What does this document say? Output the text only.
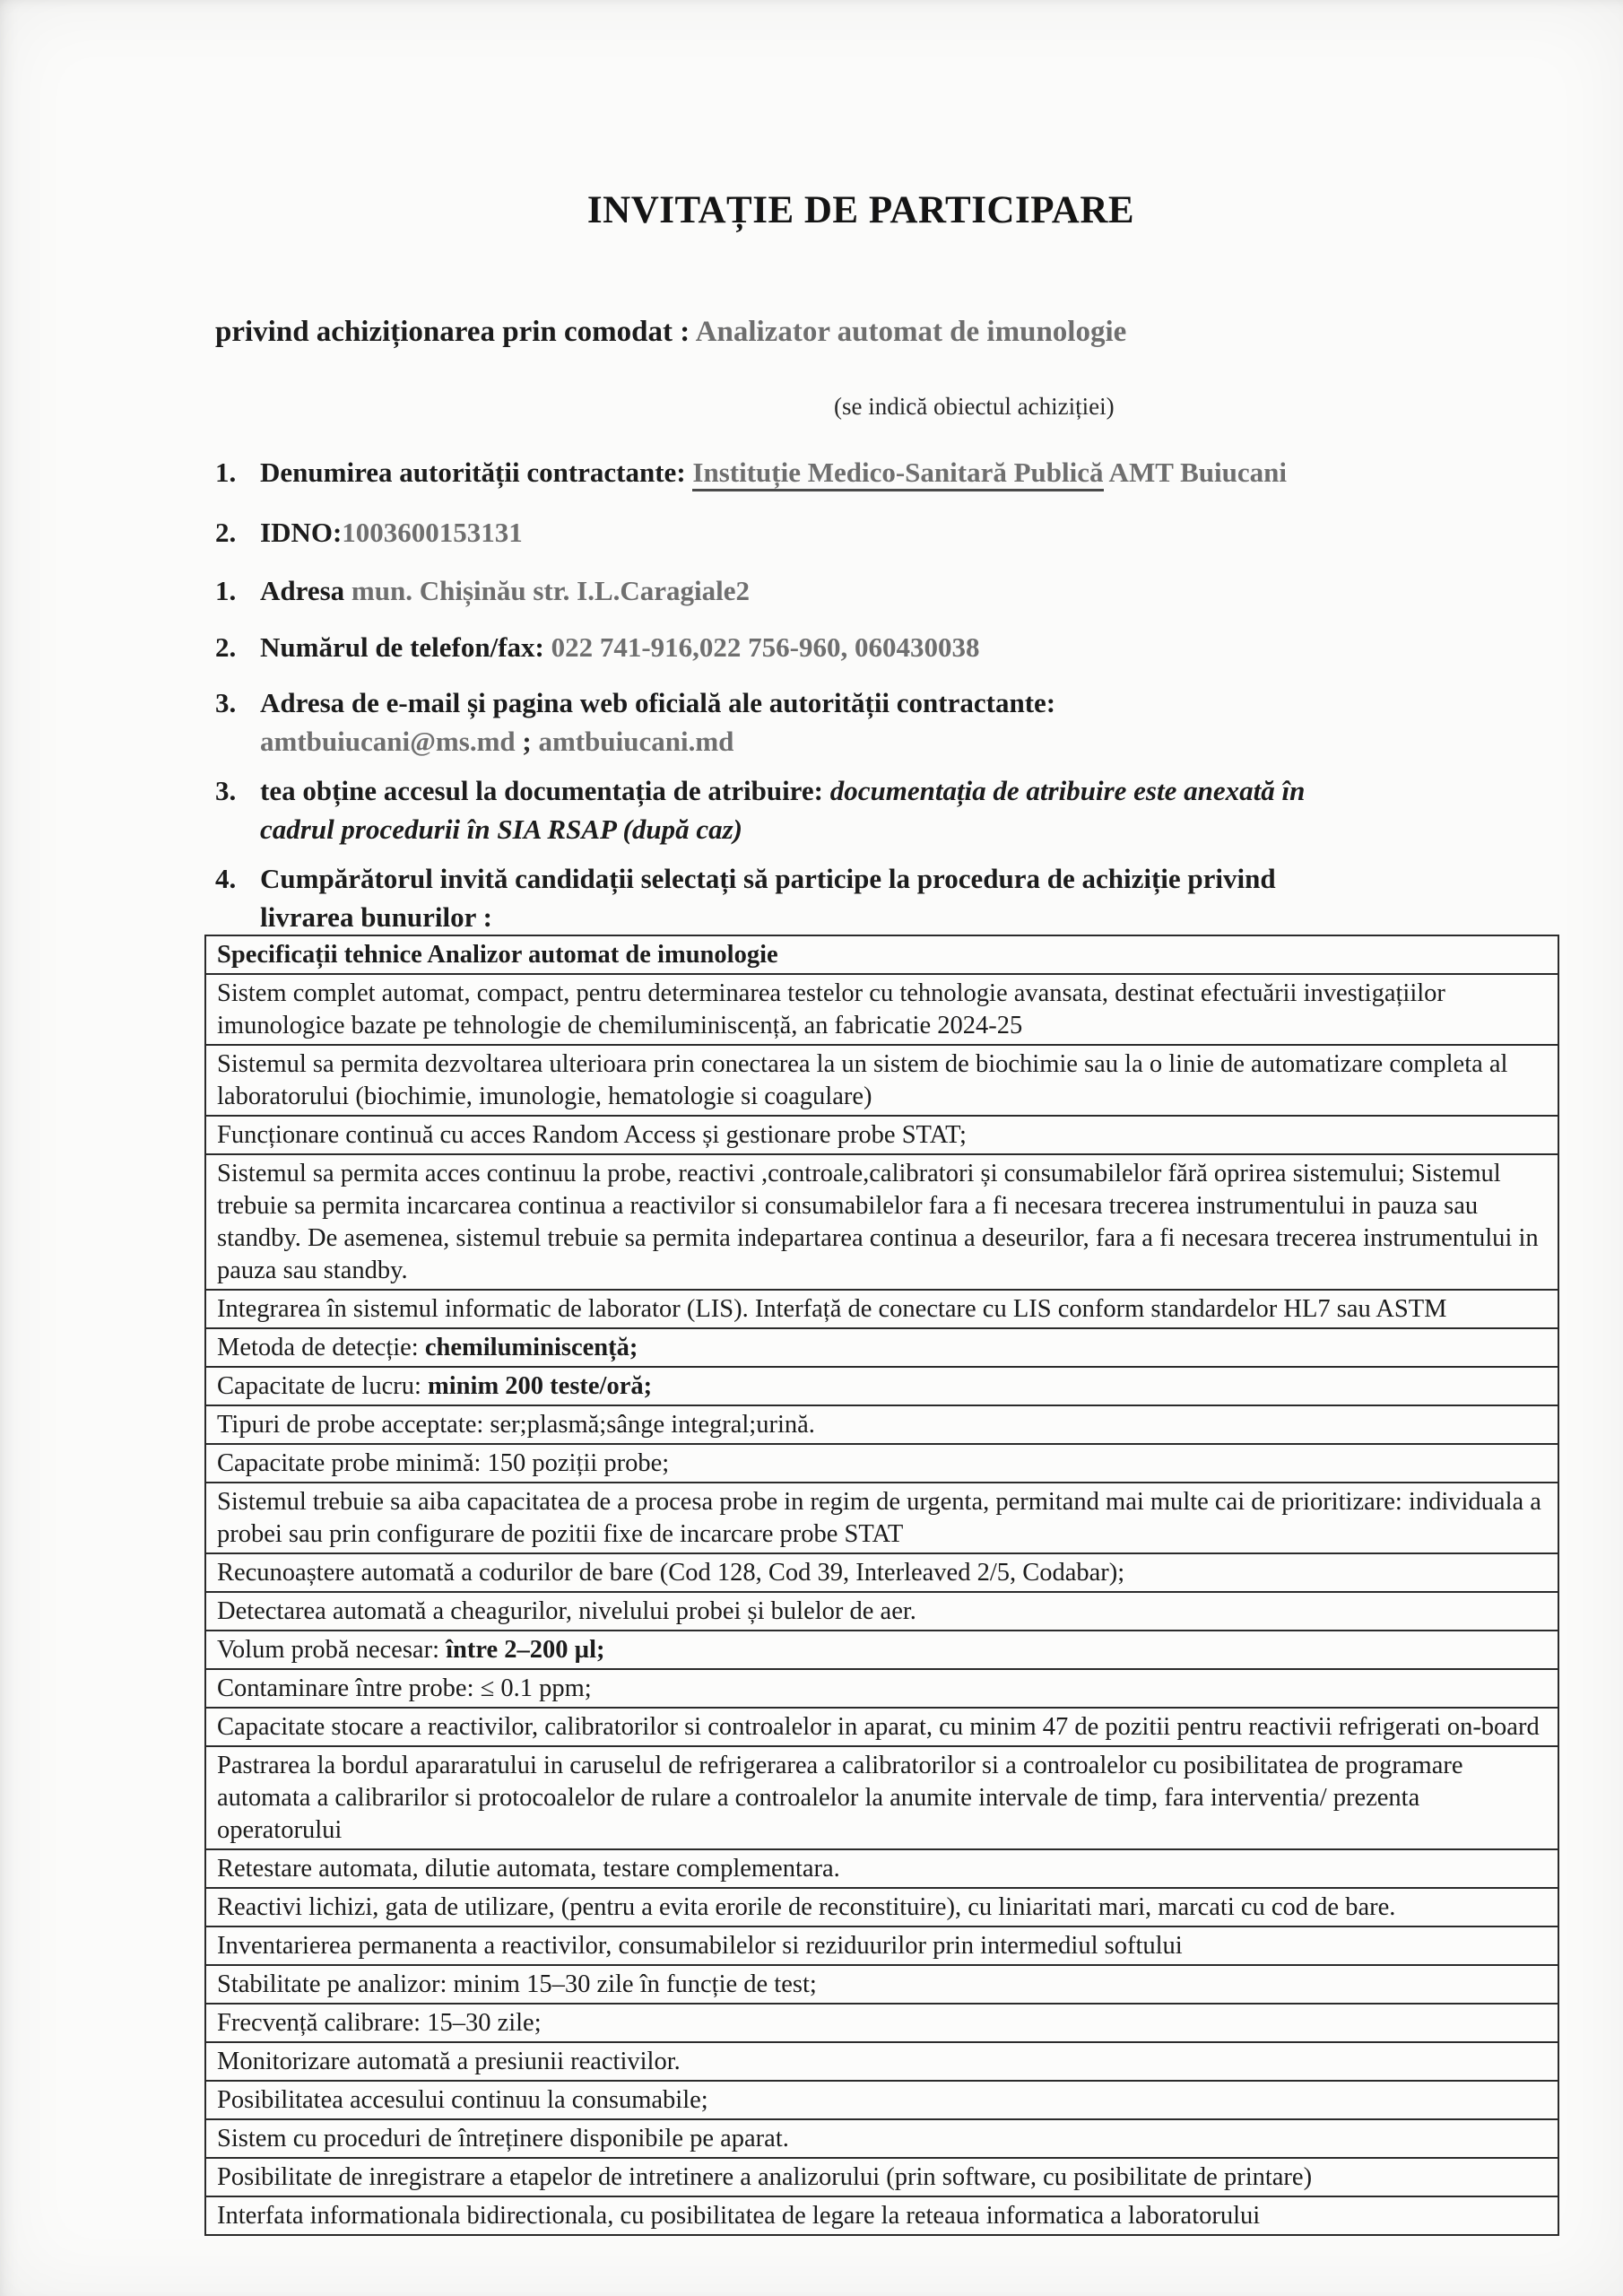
INVITAȚIE DE PARTICIPARE
privind achiziționarea prin comodat : Analizator automat de imunologie
(se indică obiectul achiziției)
1. Denumirea autorității contractante: Instituție Medico-Sanitară Publică AMT Buiucani
2. IDNO:1003600153131
1. Adresa mun. Chișinău str. I.L.Caragiale2
2. Numărul de telefon/fax: 022 741-916,022 756-960, 060430038
3. Adresa de e-mail și pagina web oficială ale autorității contractante:
amtbuiucani@ms.md ; amtbuiucani.md
3. tea obține accesul la documentația de atribuire: documentația de atribuire este anexată în
cadrul procedurii în SIA RSAP (după caz)
4. Cumpărătorul invită candidații selectați să participe la procedura de achiziție privind
livrarea bunurilor :
Specificații tehnice Analizor automat de imunologie
Sistem complet automat, compact, pentru determinarea testelor cu tehnologie avansata, destinat efectuării investigațiilor imunologice bazate pe tehnologie de chemiluminiscență, an fabricatie 2024-25
Sistemul sa permita dezvoltarea ulterioara prin conectarea la un sistem de biochimie sau la o linie de automatizare completa al laboratorului (biochimie, imunologie, hematologie si coagulare)
Funcționare continuă cu acces Random Access și gestionare probe STAT;
Sistemul sa permita acces continuu la probe, reactivi ,controale,calibratori și consumabilelor fără oprirea sistemului; Sistemul trebuie sa permita incarcarea continua a reactivilor si consumabilelor fara a fi necesara trecerea instrumentului in pauza sau standby. De asemenea, sistemul trebuie sa permita indepartarea continua a deseurilor, fara a fi necesara trecerea instrumentului in pauza sau standby.
Integrarea în sistemul informatic de laborator (LIS). Interfață de conectare cu LIS conform standardelor HL7 sau ASTM
Metoda de detecție: chemiluminiscență;
Capacitate de lucru: minim 200 teste/oră;
Tipuri de probe acceptate: ser;plasmă;sânge integral;urină.
Capacitate probe minimă: 150 poziții probe;
Sistemul trebuie sa aiba capacitatea de a procesa probe in regim de urgenta, permitand mai multe cai de prioritizare: individuala a probei sau prin configurare de pozitii fixe de incarcare probe STAT
Recunoaștere automată a codurilor de bare (Cod 128, Cod 39, Interleaved 2/5, Codabar);
Detectarea automată a cheagurilor, nivelului probei și bulelor de aer.
Volum probă necesar: între 2–200 µl;
Contaminare între probe: ≤ 0.1 ppm;
Capacitate stocare a reactivilor, calibratorilor si controalelor in aparat, cu minim 47 de pozitii pentru reactivii refrigerati on-board
Pastrarea la bordul apararatului in caruselul de refrigerarea a calibratorilor si a controalelor cu posibilitatea de programare automata a calibrarilor si protocoalelor de rulare a controalelor la anumite intervale de timp, fara interventia/ prezenta operatorului
Retestare automata, dilutie automata, testare complementara.
Reactivi lichizi, gata de utilizare, (pentru a evita erorile de reconstituire), cu liniaritati mari, marcati cu cod de bare.
Inventarierea permanenta a reactivilor, consumabilelor si reziduurilor prin intermediul softului
Stabilitate pe analizor: minim 15–30 zile în funcție de test;
Frecvență calibrare: 15–30 zile;
Monitorizare automată a presiunii reactivilor.
Posibilitatea accesului continuu la consumabile;
Sistem cu proceduri de întreținere disponibile pe aparat.
Posibilitate de inregistrare a etapelor de intretinere a analizorului (prin software, cu posibilitate de printare)
Interfata informationala bidirectionala, cu posibilitatea de legare la reteaua informatica a laboratorului
